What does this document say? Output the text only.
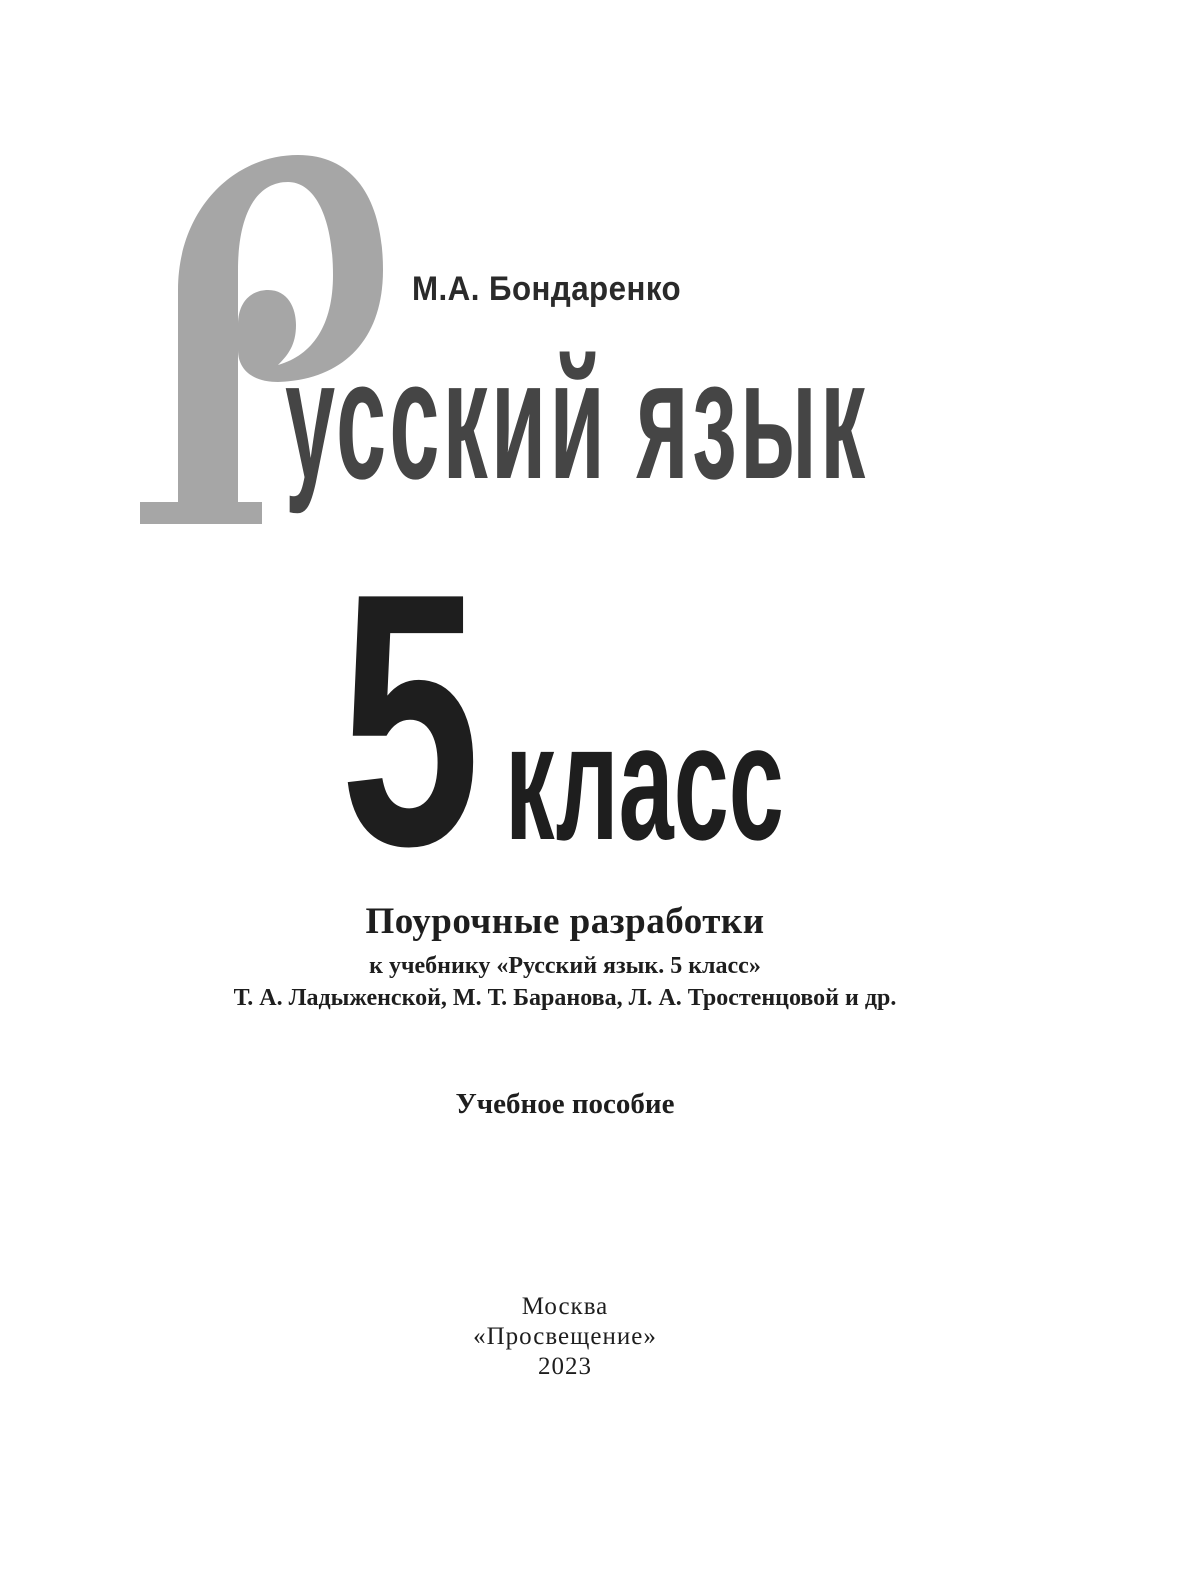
М.А. Бондаренко
усский язык
5 класс
Поурочные разработки
к учебнику «Русский язык. 5 класс»
Т. А. Ладыженской, М. Т. Баранова, Л. А. Тростенцовой и др.
Учебное пособие
Москва
«Просвещение»
2023
